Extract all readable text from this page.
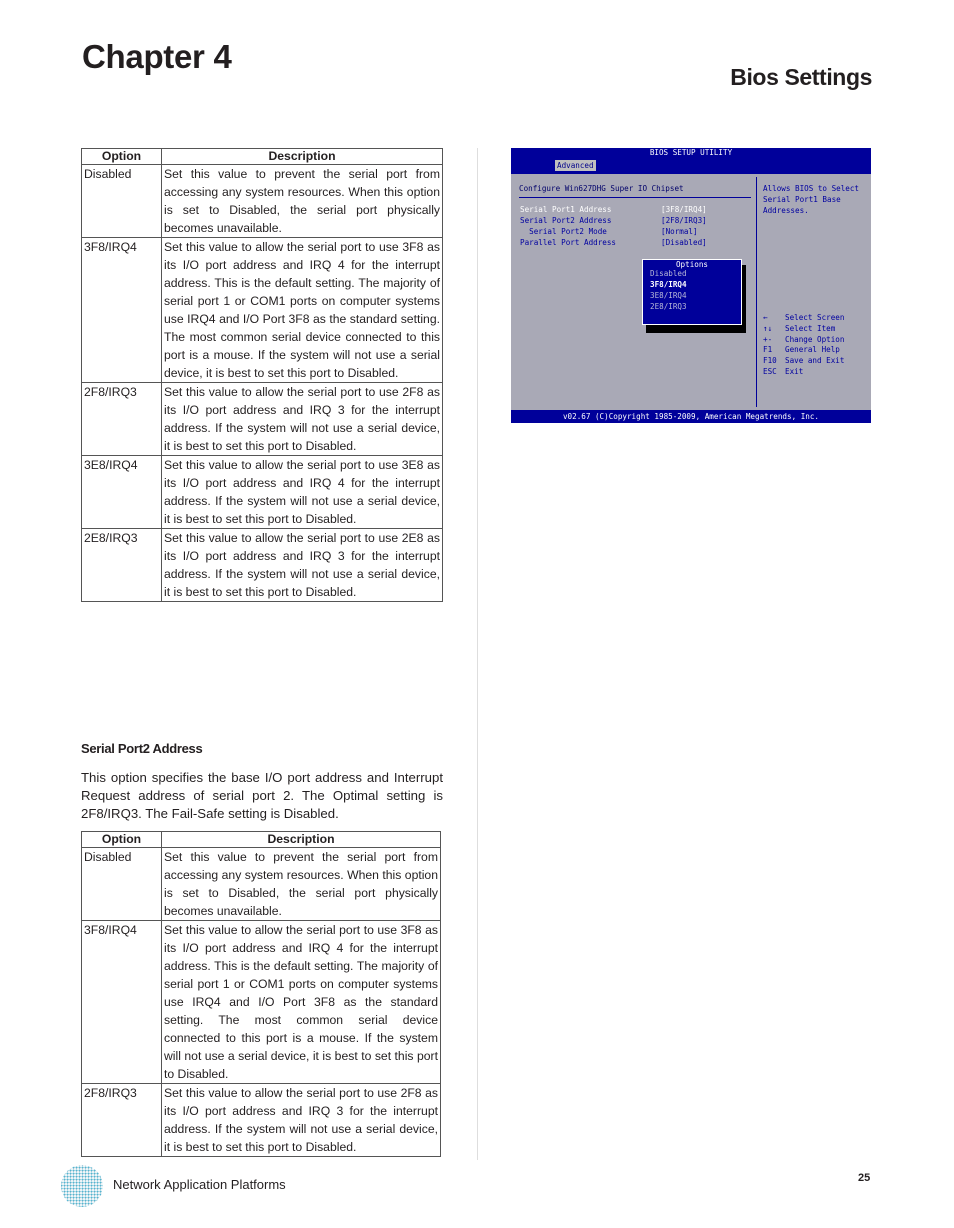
Chapter 4
Bios Settings
Option	Description
Disabled	Set this value to prevent the serial port from accessing any system resources. When this option is set to Disabled, the serial port physically becomes unavailable.
3F8/IRQ4	Set this value to allow the serial port to use 3F8 as its I/O port address and IRQ 4 for the interrupt address. This is the default setting. The majority of serial port 1 or COM1 ports on computer systems use IRQ4 and I/O Port 3F8 as the standard setting. The most common serial device connected to this port is a mouse. If the system will not use a serial device, it is best to set this port to Disabled.
2F8/IRQ3	Set this value to allow the serial port to use 2F8 as its I/O port address and IRQ 3 for the interrupt address. If the system will not use a serial device, it is best to set this port to Disabled.
3E8/IRQ4	Set this value to allow the serial port to use 3E8 as its I/O port address and IRQ 4 for the interrupt address. If the system will not use a serial device, it is best to set this port to Disabled.
2E8/IRQ3	Set this value to allow the serial port to use 2E8 as its I/O port address and IRQ 3 for the interrupt address. If the system will not use a serial device, it is best to set this port to Disabled.
Serial Port2 Address
This option specifies the base I/O port address and Interrupt Request address of serial port 2. The Optimal setting is 2F8/IRQ3. The Fail-Safe setting is Disabled.
Option	Description
Disabled	Set this value to prevent the serial port from accessing any system resources. When this option is set to Disabled, the serial port physically becomes unavailable.
3F8/IRQ4	Set this value to allow the serial port to use 3F8 as its I/O port address and IRQ 4 for the interrupt address. This is the default setting. The majority of serial port 1 or COM1 ports on computer systems use IRQ4 and I/O Port 3F8 as the standard setting. The most common serial device connected to this port is a mouse. If the system will not use a serial device, it is best to set this port to Disabled.
2F8/IRQ3	Set this value to allow the serial port to use 2F8 as its I/O port address and IRQ 3 for the interrupt address. If the system will not use a serial device, it is best to set this port to Disabled.
BIOS SETUP UTILITY
Advanced
Configure Win627DHG Super IO Chipset
Serial Port1 Address	[3F8/IRQ4]
Serial Port2 Address	[2F8/IRQ3]
Serial Port2 Mode	[Normal]
Parallel Port Address	[Disabled]
Options
Disabled
3F8/IRQ4
3E8/IRQ4
2E8/IRQ3
Allows BIOS to Select Serial Port1 Base Addresses.
← Select Screen
↑↓ Select Item
+- Change Option
F1 General Help
F10 Save and Exit
ESC Exit
v02.67 (C)Copyright 1985-2009, American Megatrends, Inc.
Network Application Platforms	25
